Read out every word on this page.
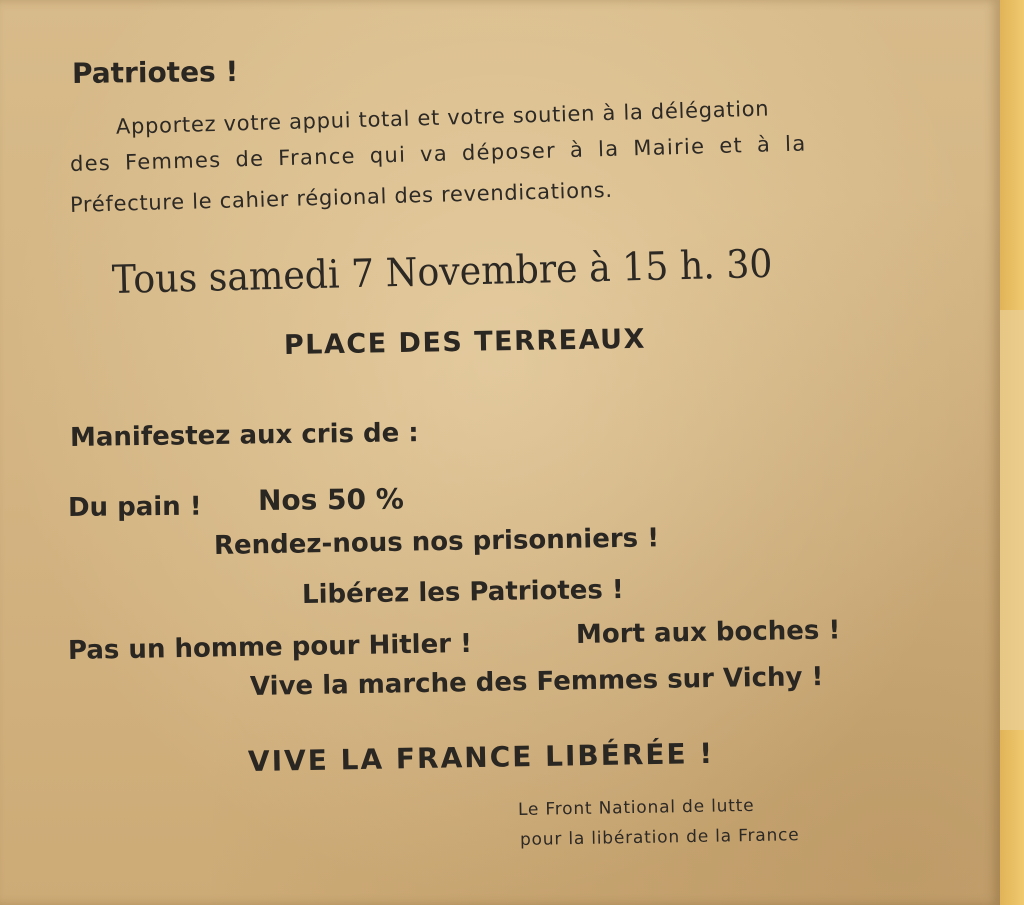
Patriotes !
Apportez votre appui total et votre soutien à la délégation
des Femmes de France qui va déposer à la Mairie et à la
Préfecture le cahier régional des revendications.
Tous samedi 7 Novembre à 15 h. 30
PLACE DES TERREAUX
Manifestez aux cris de :
Du pain ! Nos 50 %
Rendez-nous nos prisonniers !
Libérez les Patriotes !
Pas un homme pour Hitler !	Mort aux boches !
Vive la marche des Femmes sur Vichy !
VIVE LA FRANCE LIBÉRÉE !
Le Front National de lutte
pour la libération de la France
